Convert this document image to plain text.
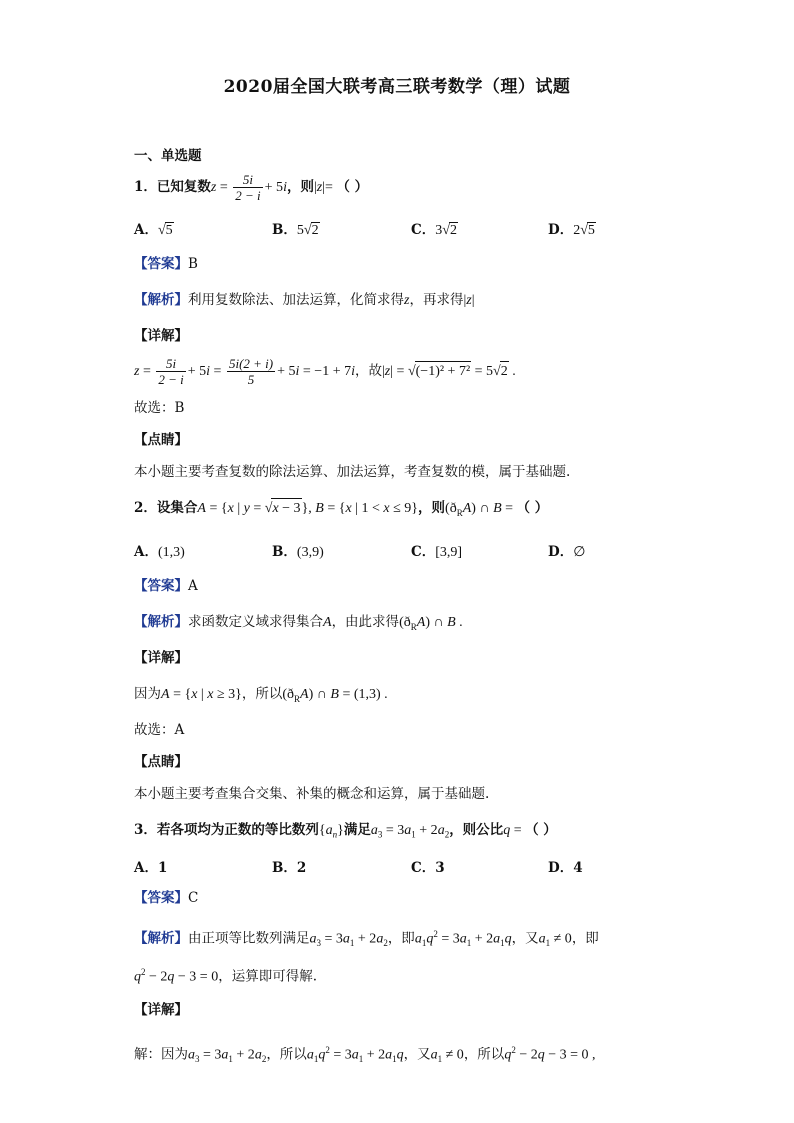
2020届全国大联考高三联考数学（理）试题
一、单选题
1．已知复数$z = \frac{5i}{2 - i} + 5i$，则|z|= （ ）
A．√5	B．5√2	C．3√2	D．2√5
【答案】B
【解析】利用复数除法、加法运算，化简求得z，再求得|z|
【详解】
$z = \frac{5i}{2 - i} + 5i = \frac{5i(2 + i)}{5} + 5i = -1 + 7i$，故|z| = √(−1)² + 7² = 5√2 .
故选：B
【点睛】
本小题主要考查复数的除法运算、加法运算，考查复数的模，属于基础题.
2．设集合A = {x | y = √x − 3}, B = {x | 1 < x ≤ 9}，则$(ð_RA)$ ∩ B = （ ）
A．(1,3)	B．(3,9)	C．[3,9]	D．∅
【答案】A
【解析】求函数定义域求得集合A，由此求得$(ð_RA)$ ∩ B .
【详解】
因为A = {x | x ≥ 3}，所以$(ð_RA)$ ∩ B = (1,3) .
故选：A
【点睛】
本小题主要考查集合交集、补集的概念和运算，属于基础题.
3．若各项均为正数的等比数列$\{a_n\}$满足$a_3 = 3a_1 + 2a_2$，则公比q = （ ）
A．1	B．2	C．3	D．4
【答案】C
【解析】由正项等比数列满足$a_3 = 3a_1 + 2a_2$，即$a_1q^2 = 3a_1 + 2a_1q$，又$a_1 \ne 0$，即
$q^2 - 2q - 3 = 0$，运算即可得解.
【详解】
解：因为$a_3 = 3a_1 + 2a_2$，所以$a_1q^2 = 3a_1 + 2a_1q$，又$a_1 \ne 0$，所以$q^2 - 2q - 3 = 0$ ,
